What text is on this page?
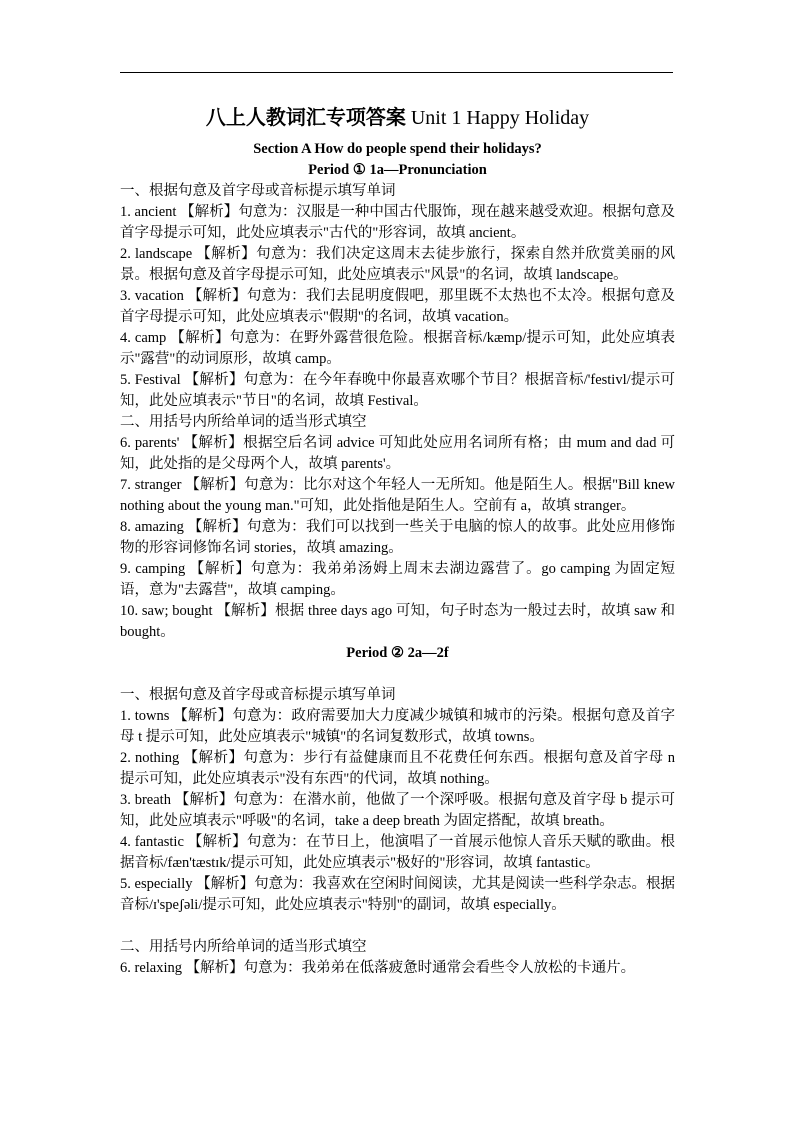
八上人教词汇专项答案 Unit 1 Happy Holiday
Section A How do people spend their holidays?
Period ① 1a—Pronunciation
一、根据句意及首字母或音标提示填写单词
1. ancient 【解析】句意为：汉服是一种中国古代服饰，现在越来越受欢迎。根据句意及首字母提示可知，此处应填表示"古代的"形容词，故填 ancient。
2. landscape 【解析】句意为：我们决定这周末去徒步旅行，探索自然并欣赏美丽的风景。根据句意及首字母提示可知，此处应填表示"风景"的名词，故填 landscape。
3. vacation 【解析】句意为：我们去昆明度假吧，那里既不太热也不太冷。根据句意及首字母提示可知，此处应填表示"假期"的名词，故填 vacation。
4. camp 【解析】句意为：在野外露营很危险。根据音标/kæmp/提示可知，此处应填表示"露营"的动词原形，故填 camp。
5. Festival 【解析】句意为：在今年春晚中你最喜欢哪个节目？根据音标/'festivl/提示可知，此处应填表示"节日"的名词，故填 Festival。
二、用括号内所给单词的适当形式填空
6. parents' 【解析】根据空后名词 advice 可知此处应用名词所有格；由 mum and dad 可知，此处指的是父母两个人，故填 parents'。
7. stranger 【解析】句意为：比尔对这个年轻人一无所知。他是陌生人。根据"Bill knew nothing about the young man."可知，此处指他是陌生人。空前有 a，故填 stranger。
8. amazing 【解析】句意为：我们可以找到一些关于电脑的惊人的故事。此处应用修饰物的形容词修饰名词 stories，故填 amazing。
9. camping 【解析】句意为：我弟弟汤姆上周末去湖边露营了。go camping 为固定短语，意为"去露营"，故填 camping。
10. saw; bought 【解析】根据 three days ago 可知，句子时态为一般过去时，故填 saw 和 bought。
Period ② 2a—2f
一、根据句意及首字母或音标提示填写单词
1. towns 【解析】句意为：政府需要加大力度减少城镇和城市的污染。根据句意及首字母 t 提示可知，此处应填表示"城镇"的名词复数形式，故填 towns。
2. nothing 【解析】句意为：步行有益健康而且不花费任何东西。根据句意及首字母 n 提示可知，此处应填表示"没有东西"的代词，故填 nothing。
3. breath 【解析】句意为：在潜水前，他做了一个深呼吸。根据句意及首字母 b 提示可知，此处应填表示"呼吸"的名词，take a deep breath 为固定搭配，故填 breath。
4. fantastic 【解析】句意为：在节日上，他演唱了一首展示他惊人音乐天赋的歌曲。根据音标/fæn'tæstɪk/提示可知，此处应填表示"极好的"形容词，故填 fantastic。
5. especially 【解析】句意为：我喜欢在空闲时间阅读，尤其是阅读一些科学杂志。根据音标/ɪ'speʃəli/提示可知，此处应填表示"特别"的副词，故填 especially。
二、用括号内所给单词的适当形式填空
6. relaxing 【解析】句意为：我弟弟在低落疲惫时通常会看些令人放松的卡通片。
